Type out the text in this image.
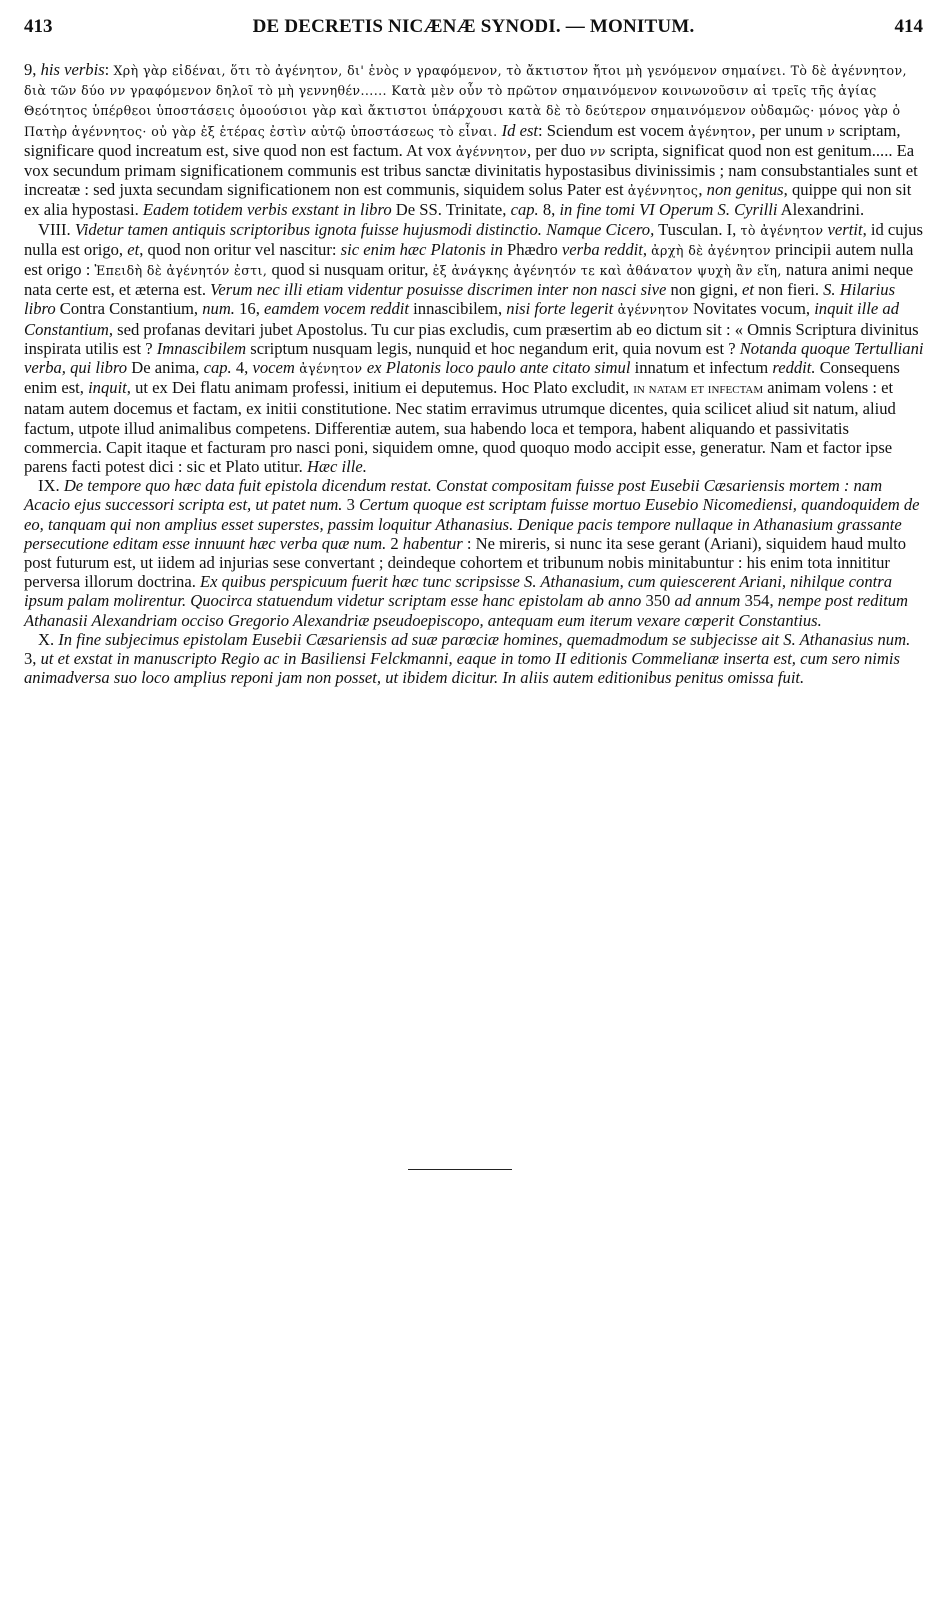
413	DE DECRETIS NICÆNÆ SYNODI. — MONITUM.	414

9, his verbis: Χρὴ γὰρ εἰδέναι, ὅτι τὸ ἀγένητον, δι' ἑνὸς ν γραφόμενον, τὸ ἄκτιστον ἤτοι μὴ γενόμενον σημαίνει. Τὸ δὲ ἀγέννητον, διὰ τῶν δύο νν γραφόμενον δηλοῖ τὸ μὴ γεννηθέν...... Κατὰ μὲν οὖν τὸ πρῶτον σημαινόμενον κοινωνοῦσιν αἱ τρεῖς τῆς ἁγίας Θεότητος ὑπέρθεοι ὑποστάσεις ὁμοούσιοι γὰρ καὶ ἄκτιστοι ὑπάρχουσι κατὰ δὲ τὸ δεύτερον σημαινόμενον οὐδαμῶς· μόνος γὰρ ὁ Πατὴρ ἀγέννητος· οὐ γὰρ ἐξ ἑτέρας ἐστὶν αὐτῷ ὑποστάσεως τὸ εἶναι. Id est: Sciendum est vocem ἀγένητον, per unum ν scriptam, significare quod increatum est, sive quod non est factum. At vox ἀγέννητον, per duo νν scripta, significat quod non est genitum..... Ea vox secundum primam significationem communis est tribus sanctæ divinitatis hypostasibus divinissimis ; nam consubstantiales sunt et increatæ : sed juxta secundam significationem non est communis, siquidem solus Pater est ἀγέννητος, non genitus, quippe qui non sit ex alia hypostasi. Eadem totidem verbis exstant in libro De SS. Trinitate, cap. 8, in fine tomi VI Operum S. Cyrilli Alexandrini.

VIII. Videtur tamen antiquis scriptoribus ignota fuisse hujusmodi distinctio. Namque Cicero, Tusculan. I, τὸ ἀγένητον vertit, id cujus nulla est origo, et, quod non oritur vel nascitur: sic enim hæc Platonis in Phædro verba reddit, ἀρχὴ δὲ ἀγένητον principii autem nulla est origo : Ἐπειδὴ δὲ ἀγένητόν ἐστι, quod si nusquam oritur, ἐξ ἀνάγκης ἀγένητόν τε καὶ ἀθάνατον ψυχὴ ἂν εἴη, natura animi neque nata certe est, et æterna est. Verum nec illi etiam videntur posuisse discrimen inter non nasci sive non gigni, et non fieri. S. Hilarius libro Contra Constantium, num. 16, eamdem vocem reddit innascibilem, nisi forte legerit ἀγέννητον Novitates vocum, inquit ille ad Constantium, sed profanas devitari jubet Apostolus. Tu cur pias excludis, cum præsertim ab eo dictum sit : « Omnis Scriptura divinitus inspirata utilis est ? Imnascibilem scriptum nusquam legis, nunquid et hoc negandum erit, quia novum est ? Notanda quoque Tertulliani verba, qui libro De anima, cap. 4, vocem ἀγένητον ex Platonis loco paulo ante citato simul innatum et infectum reddit. Consequens enim est, inquit, ut ex Dei flatu animam professi, initium ei deputemus. Hoc Plato excludit, in natam et infectam animam volens : et natam autem docemus et factam, ex initii constitutione. Nec statim erravimus utrumque dicentes, quia scilicet aliud sit natum, aliud factum, utpote illud animalibus competens. Differentiæ autem, sua habendo loca et tempora, habent aliquando et passivitatis commercia. Capit itaque et facturam pro nasci poni, siquidem omne, quod quoquo modo accipit esse, generatur. Nam et factor ipse parens facti potest dici : sic et Plato utitur. Hæc ille.

IX. De tempore quo hæc data fuit epistola dicendum restat. Constat compositam fuisse post Eusebii Cæsariensis mortem : nam Acacio ejus successori scripta est, ut patet num. 3 Certum quoque est scriptam fuisse mortuo Eusebio Nicomediensi, quandoquidem de eo, tanquam qui non amplius esset superstes, passim loquitur Athanasius. Denique pacis tempore nullaque in Athanasium grassante persecutione editam esse innuunt hæc verba quæ num. 2 habentur : Ne mireris, si nunc ita sese gerant (Ariani), siquidem haud multo post futurum est, ut iidem ad injurias sese convertant ; deindeque cohortem et tribunum nobis minitabuntur : his enim tota innititur perversa illorum doctrina. Ex quibus perspicuum fuerit hæc tunc scripsisse S. Athanasium, cum quiescerent Ariani, nihilque contra ipsum palam molirentur. Quocirca statuendum videtur scriptam esse hanc epistolam ab anno 350 ad annum 354, nempe post reditum Athanasii Alexandriam occiso Gregorio Alexandriæ pseudoepiscopo, antequam eum iterum vexare cœperit Constantius.

X. In fine subjecimus epistolam Eusebii Cæsariensis ad suæ parœciæ homines, quemadmodum se subjecisse ait S. Athanasius num. 3, ut et exstat in manuscripto Regio ac in Basiliensi Felckmanni, eaque in tomo II editionis Commelianæ inserta est, cum sero nimis animadversa suo loco amplius reponi jam non posset, ut ibidem dicitur. In aliis autem editionibus penitus omissa fuit.
